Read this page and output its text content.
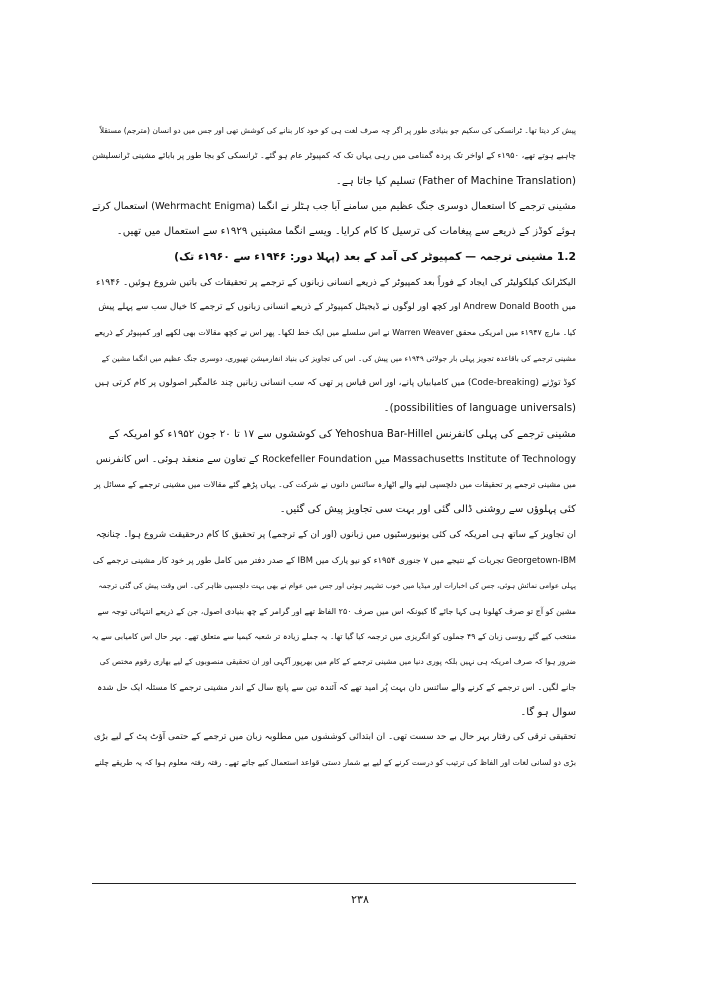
پیش کر دیتا تھا۔ ٹرانسکی کی سکیم جو بنیادی طور پر اگر چہ صرف لغت ہی کو خود کار بنانے کی کوشش تھی اور جس میں دو انسان (مترجم) مستقلاً
چاہیے ہوتے تھے، ۱۹۵۰ء کے اواخر تک پردہ گمنامی میں رہی یہاں تک کہ کمپیوٹر عام ہو گئے۔ ٹرانسکی کو بجا طور پر بابائے مشینی ٹرانسلیشن
(Father of Machine Translation) تسلیم کیا جاتا ہے۔
مشینی ترجمے کا استعمال دوسری جنگ عظیم میں سامنے آیا جب ہٹلر نے انگما (Wehrmacht Enigma) استعمال کرتے
ہوئے کوڈز کے ذریعے سے پیغامات کی ترسیل کا کام کرایا۔ ویسے انگما مشینیں ۱۹۲۹ء سے استعمال میں تھیں۔
1.2 مشینی ترجمہ — کمپیوٹر کی آمد کے بعد (پہلا دور: ۱۹۴۶ء سے ۱۹۶۰ء تک)
الیکٹرانک کیلکولیٹر کی ایجاد کے فوراً بعد کمپیوٹر کے ذریعے انسانی زبانوں کے ترجمے پر تحقیقات کی باتیں شروع ہوئیں۔ ۱۹۴۶ء
میں Andrew Donald Booth اور کچھ اور لوگوں نے ڈیجیٹل کمپیوٹر کے ذریعے انسانی زبانوں کے ترجمے کا خیال سب سے پہلے پیش
کیا۔ مارچ ۱۹۴۷ء میں امریکی محقق Warren Weaver نے اس سلسلے میں ایک خط لکھا۔ پھر اس نے کچھ مقالات بھی لکھے اور کمپیوٹر کے ذریعے
مشینی ترجمے کی باقاعدہ تجویز پہلی بار جولائی ۱۹۴۹ء میں پیش کی۔ اس کی تجاویز کی بنیاد انفارمیشن تھیوری، دوسری جنگ عظیم میں انگما مشین کے
کوڈ توڑنے (Code-breaking) میں کامیابیاں پانے، اور اس قیاس پر تھی کہ سب انسانی زبانیں چند عالمگیر اصولوں پر کام کرتی ہیں
(possibilities of language universals)۔
مشینی ترجمے کی پہلی کانفرنس Yehoshua Bar-Hillel کی کوششوں سے ۱۷ تا ۲۰ جون ۱۹۵۲ء کو امریکہ کے
Massachusetts Institute of Technology میں Rockefeller Foundation کے تعاون سے منعقد ہوئی۔ اس کانفرنس
میں مشینی ترجمے پر تحقیقات میں دلچسپی لینے والے اٹھارہ سائنس دانوں نے شرکت کی۔ یہاں پڑھے گئے مقالات میں مشینی ترجمے کے مسائل پر
کئی پہلوؤں سے روشنی ڈالی گئی اور بہت سی تجاویز پیش کی گئیں۔
ان تجاویز کے ساتھ ہی امریکہ کی کئی یونیورسٹیوں میں زبانوں (اور ان کے ترجمے) پر تحقیق کا کام درحقیقت شروع ہوا۔ چنانچہ
Georgetown-IBM تجربات کے نتیجے میں ۷ جنوری ۱۹۵۴ء کو نیو یارک میں IBM کے صدر دفتر میں کامل طور پر خود کار مشینی ترجمے کی
پہلی عوامی نمائش ہوئی، جس کی اخبارات اور میڈیا میں خوب تشہیر ہوئی اور جس میں عوام نے بھی بہت دلچسپی ظاہر کی۔ اس وقت پیش کی گئی ترجمہ
مشین کو آج تو صرف کھلونا ہی کہا جائے گا کیونکہ اس میں صرف ۲۵۰ الفاظ تھے اور گرامر کے چھ بنیادی اصول، جن کے ذریعے انتہائی توجہ سے
منتخب کیے گئے روسی زبان کے ۴۹ جملوں کو انگریزی میں ترجمہ کیا گیا تھا۔ یہ جملے زیادہ تر شعبہ کیمیا سے متعلق تھے۔ بہر حال اس کامیابی سے یہ
ضرور ہوا کہ صرف امریکہ ہی نہیں بلکہ پوری دنیا میں مشینی ترجمے کے کام میں بھرپور آگہی اور ان تحقیقی منصوبوں کے لیے بھاری رقوم مختص کی
جانے لگیں۔ اس ترجمے کے کرنے والے سائنس دان بہت پُر امید تھے کہ آئندہ تین سے پانچ سال کے اندر مشینی ترجمے کا مسئلہ ایک حل شدہ
سوال ہو گا۔
تحقیقی ترقی کی رفتار بہر حال بے حد سست تھی۔ ان ابتدائی کوششوں میں مطلوبہ زبان میں ترجمے کے حتمی آؤٹ پٹ کے لیے بڑی
بڑی دو لسانی لغات اور الفاظ کی ترتیب کو درست کرنے کے لیے بے شمار دستی قواعد استعمال کیے جاتے تھے۔ رفتہ رفتہ معلوم ہوا کہ یہ طریقے چلنے
۲۳۸
